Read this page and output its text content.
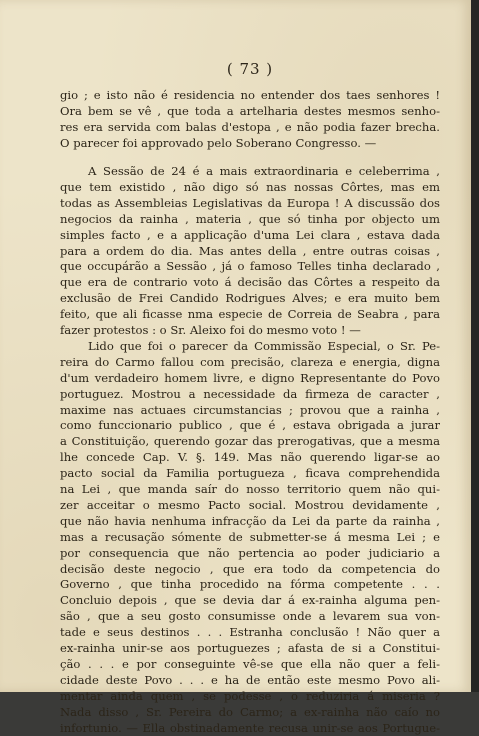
( 73 )
gio ; e isto não é residencia no entender dos taes senhores !
Ora bem se vê , que toda a artelharia destes mesmos senho-
res era servida com balas d'estopa , e não podia fazer brecha.
O parecer foi approvado pelo Soberano Congresso. —
A Sessão de 24 é a mais extraordinaria e celeberrima ,
que tem existido , não digo só nas nossas Côrtes, mas em
todas as Assembleias Legislativas da Europa ! A discussão dos
negocios da rainha , materia , que só tinha por objecto um
simples facto , e a applicação d'uma Lei clara , estava dada
para a ordem do dia. Mas antes della , entre outras coisas ,
que occupárão a Sessão , já o famoso Telles tinha declarado ,
que era de contrario voto á decisão das Côrtes a respeito da
exclusão de Frei Candido Rodrigues Alves; e era muito bem
feito, que ali ficasse nma especie de Correia de Seabra , para
fazer protestos : o Sr. Aleixo foi do mesmo voto ! —
Lido que foi o parecer da Commissão Especial, o Sr. Pe-
reira do Carmo fallou com precisão, clareza e energia, digna
d'um verdadeiro homem livre, e digno Representante do Povo
portuguez. Mostrou a necessidade da firmeza de caracter ,
maxime nas actuaes circumstancias ; provou que a rainha ,
como funccionario publico , que é , estava obrigada a jurar
a Constituição, querendo gozar das prerogativas, que a mesma
lhe concede Cap. V. §. 149. Mas não querendo ligar-se ao
pacto social da Familia portugueza , ficava comprehendida
na Lei , que manda saír do nosso territorio quem não qui-
zer acceitar o mesmo Pacto social. Mostrou devidamente ,
que não havia nenhuma infracção da Lei da parte da rainha ,
mas a recusação sómente de submetter-se á mesma Lei ; e
por consequencia que não pertencia ao poder judiciario a
decisão deste negocio , que era todo da competencia do
Governo , que tinha procedido na fórma competente . . .
Concluio depois , que se devia dar á ex-rainha alguma pen-
são , que a seu gosto consumisse onde a levarem sua von-
tade e seus destinos . . . Estranha conclusão ! Não quer a
ex-rainha unir-se aos portuguezes ; afasta de si a Constitui-
ção . . . e por conseguinte vê-se que ella não quer a feli-
cidade deste Povo . . . e ha de então este mesmo Povo ali-
mentar ainda quem , se podesse , o reduziria á miseria ?
Nada disso , Sr. Pereira do Carmo; a ex-rainha não caío no
infortunio. — Ella obstinadamente recusa unir-se aos Portugue-
